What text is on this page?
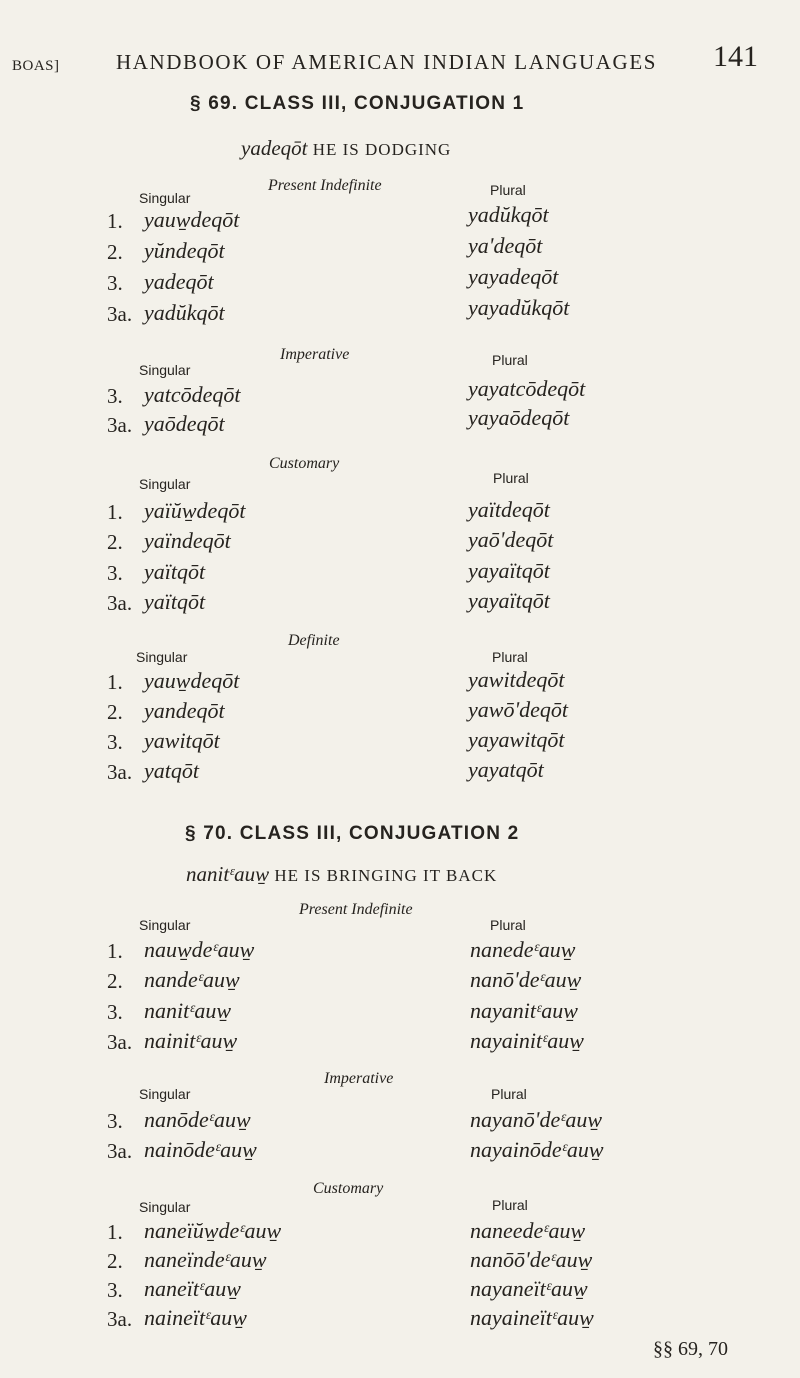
BOAS]	HANDBOOK OF AMERICAN INDIAN LANGUAGES 141
§ 69. CLASS III, CONJUGATION 1
yadeqōt HE IS DODGING
Present Indefinite
Singular	Plural
1. yauw̱deqōt	yadŭkqōt
2. yŭndeqōt	yaʹdeqōt
3. yadeqōt	yayadeqōt
3a. yadŭkqōt	yayadŭkqōt
Imperative
Singular
Plural
3. yatcōdeqōt	yayatcōdeqōt
3a. yaōdeqōt	yayaōdeqōt
Customary
Singular	Plural
1. yaïŭw̱deqōt	yaïtdeqōt
2. yaïndeqōt	yaōʹdeqōt
3. yaïtqōt	yayaïtqōt
3a. yaïtqōt	yayaïtqōt
Definite
Singular	Plural
1. yauw̱deqōt	yawitdeqōt
2. yandeqōt	yawōʹdeqōt
3. yawitqōt	yayawitqōt
3a. yatqōt	yayatqōt
§ 70. CLASS III, CONJUGATION 2
nanitᵋauw̱ HE IS BRINGING IT BACK
Present Indefinite
Singular	Plural
1. nauw̱deᵋauw̱	nanedeᵋauw̱
2. nandeᵋauw̱	nanōʹdeᵋauw̱
3. nanitᵋauw̱	nayanitᵋauw̱
3a. nainitᵋauw̱	nayainitᵋauw̱
Imperative
Singular	Plural
3. nanōdeᵋauw̱	nayanōʹdeᵋauw̱
3a. nainōdeᵋauw̱	nayainōdeᵋauw̱
Customary
Singular	Plural
1. naneïŭw̱deᵋauw̱	naneedeᵋauw̱
2. naneïndeᵋauw̱	nanōōʹdeᵋauw̱
3. naneïtᵋauw̱	nayaneïtᵋauw̱
3a. naineïtᵋauw̱	nayaineïtᵋauw̱
§§ 69, 70
